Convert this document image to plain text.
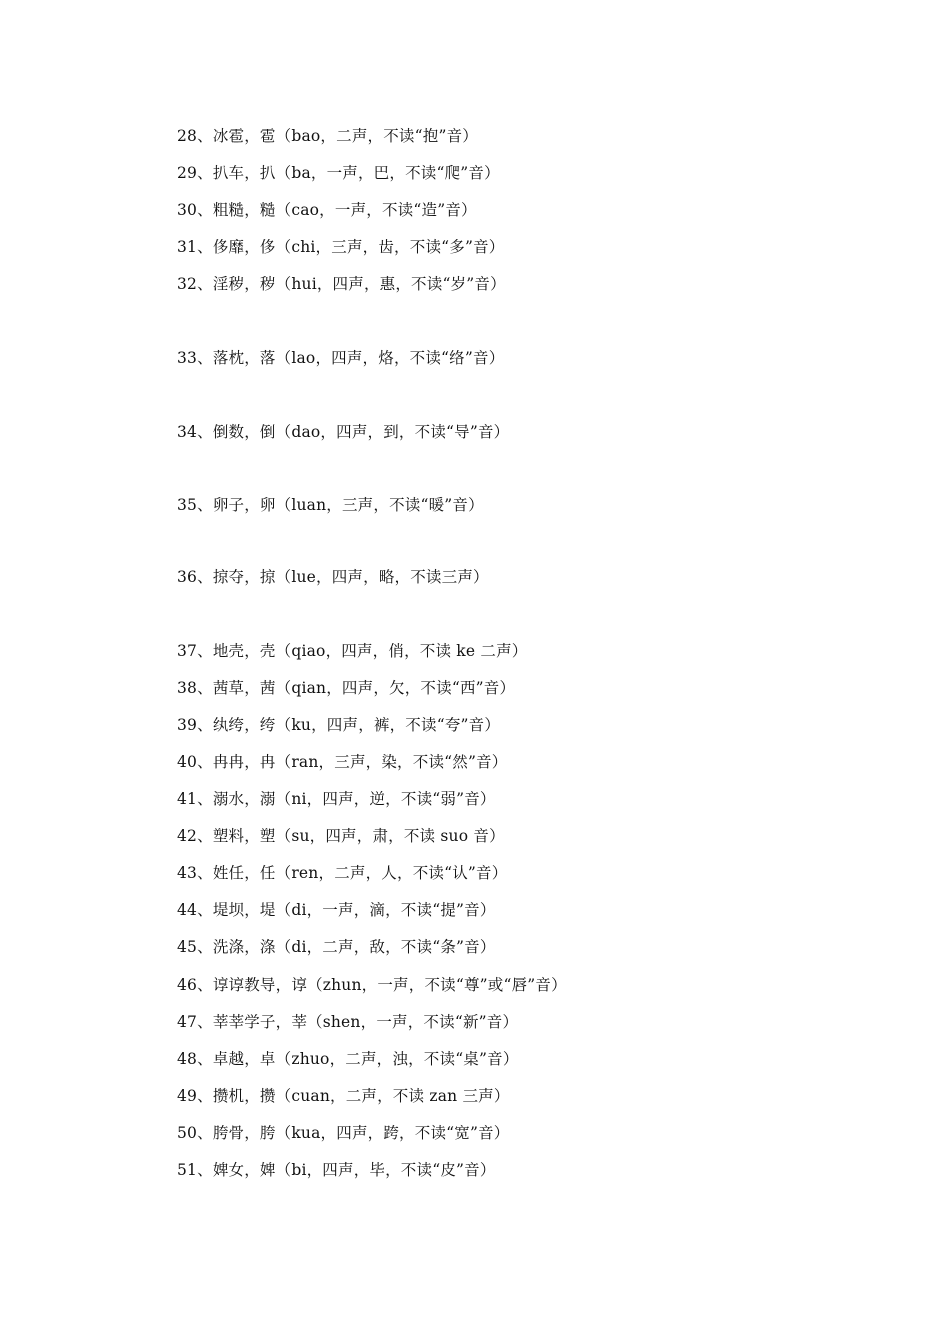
28、冰雹，雹（bao，二声，不读“抱”音）
29、扒车，扒（ba，一声，巴，不读“爬”音）
30、粗糙，糙（cao，一声，不读“造”音）
31、侈靡，侈（chi，三声，齿，不读“多”音）
32、淫秽，秽（hui，四声，惠，不读“岁”音）
33、落枕，落（lao，四声，烙，不读“络”音）
34、倒数，倒（dao，四声，到，不读“导”音）
35、卵子，卵（luan，三声，不读“暖”音）
36、掠夺，掠（lue，四声，略，不读三声）
37、地壳，壳（qiao，四声，俏，不读 ke 二声）
38、茜草，茜（qian，四声，欠，不读“西”音）
39、纨绔，绔（ku，四声，裤，不读“夸”音）
40、冉冉，冉（ran，三声，染，不读“然”音）
41、溺水，溺（ni，四声，逆，不读“弱”音）
42、塑料，塑（su，四声，肃，不读 suo 音）
43、姓任，任（ren，二声，人，不读“认”音）
44、堤坝，堤（di，一声，滴，不读“提”音）
45、洗涤，涤（di，二声，敌，不读“条”音）
46、谆谆教导，谆（zhun，一声，不读“尊”或“唇”音）
47、莘莘学子，莘（shen，一声，不读“新”音）
48、卓越，卓（zhuo，二声，浊，不读“桌”音）
49、攒机，攒（cuan，二声，不读 zan 三声）
50、胯骨，胯（kua，四声，跨，不读“宽”音）
51、婢女，婢（bi，四声，毕，不读“皮”音）
